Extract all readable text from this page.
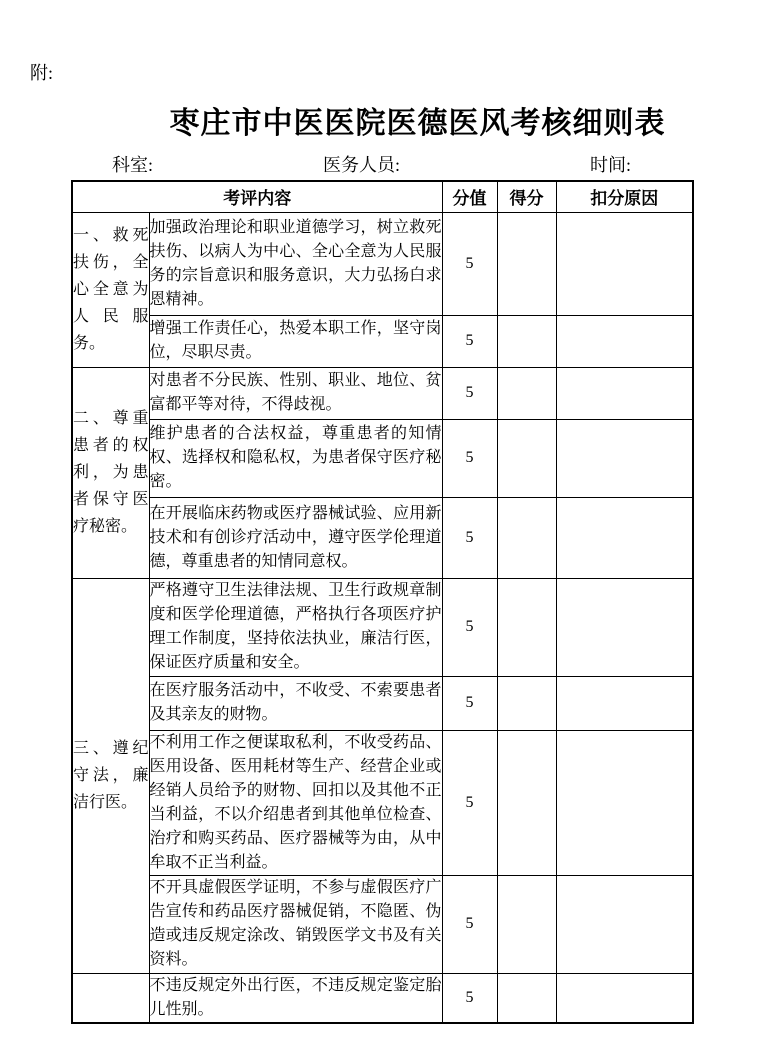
附:
枣庄市中医医院医德医风考核细则表
科室:	医务人员:	时间:
考评内容		分值	得分	扣分原因
一、救死扶伤，全心全意为人民服务。	加强政治理论和职业道德学习，树立救死扶伤、以病人为中心、全心全意为人民服务的宗旨意识和服务意识，大力弘扬白求恩精神。	5		
	增强工作责任心，热爱本职工作，坚守岗位，尽职尽责。	5		
二、尊重患者的权利，为患者保守医疗秘密。	对患者不分民族、性别、职业、地位、贫富都平等对待，不得歧视。	5		
	维护患者的合法权益，尊重患者的知情权、选择权和隐私权，为患者保守医疗秘密。	5		
	在开展临床药物或医疗器械试验、应用新技术和有创诊疗活动中，遵守医学伦理道德，尊重患者的知情同意权。	5		
三、遵纪守法，廉洁行医。	严格遵守卫生法律法规、卫生行政规章制度和医学伦理道德，严格执行各项医疗护理工作制度，坚持依法执业，廉洁行医，保证医疗质量和安全。	5		
	在医疗服务活动中，不收受、不索要患者及其亲友的财物。	5		
	不利用工作之便谋取私利，不收受药品、医用设备、医用耗材等生产、经营企业或经销人员给予的财物、回扣以及其他不正当利益，不以介绍患者到其他单位检查、治疗和购买药品、医疗器械等为由，从中牟取不正当利益。	5		
	不开具虚假医学证明，不参与虚假医疗广告宣传和药品医疗器械促销，不隐匿、伪造或违反规定涂改、销毁医学文书及有关资料。	5		
	不违反规定外出行医，不违反规定鉴定胎儿性别。	5		
